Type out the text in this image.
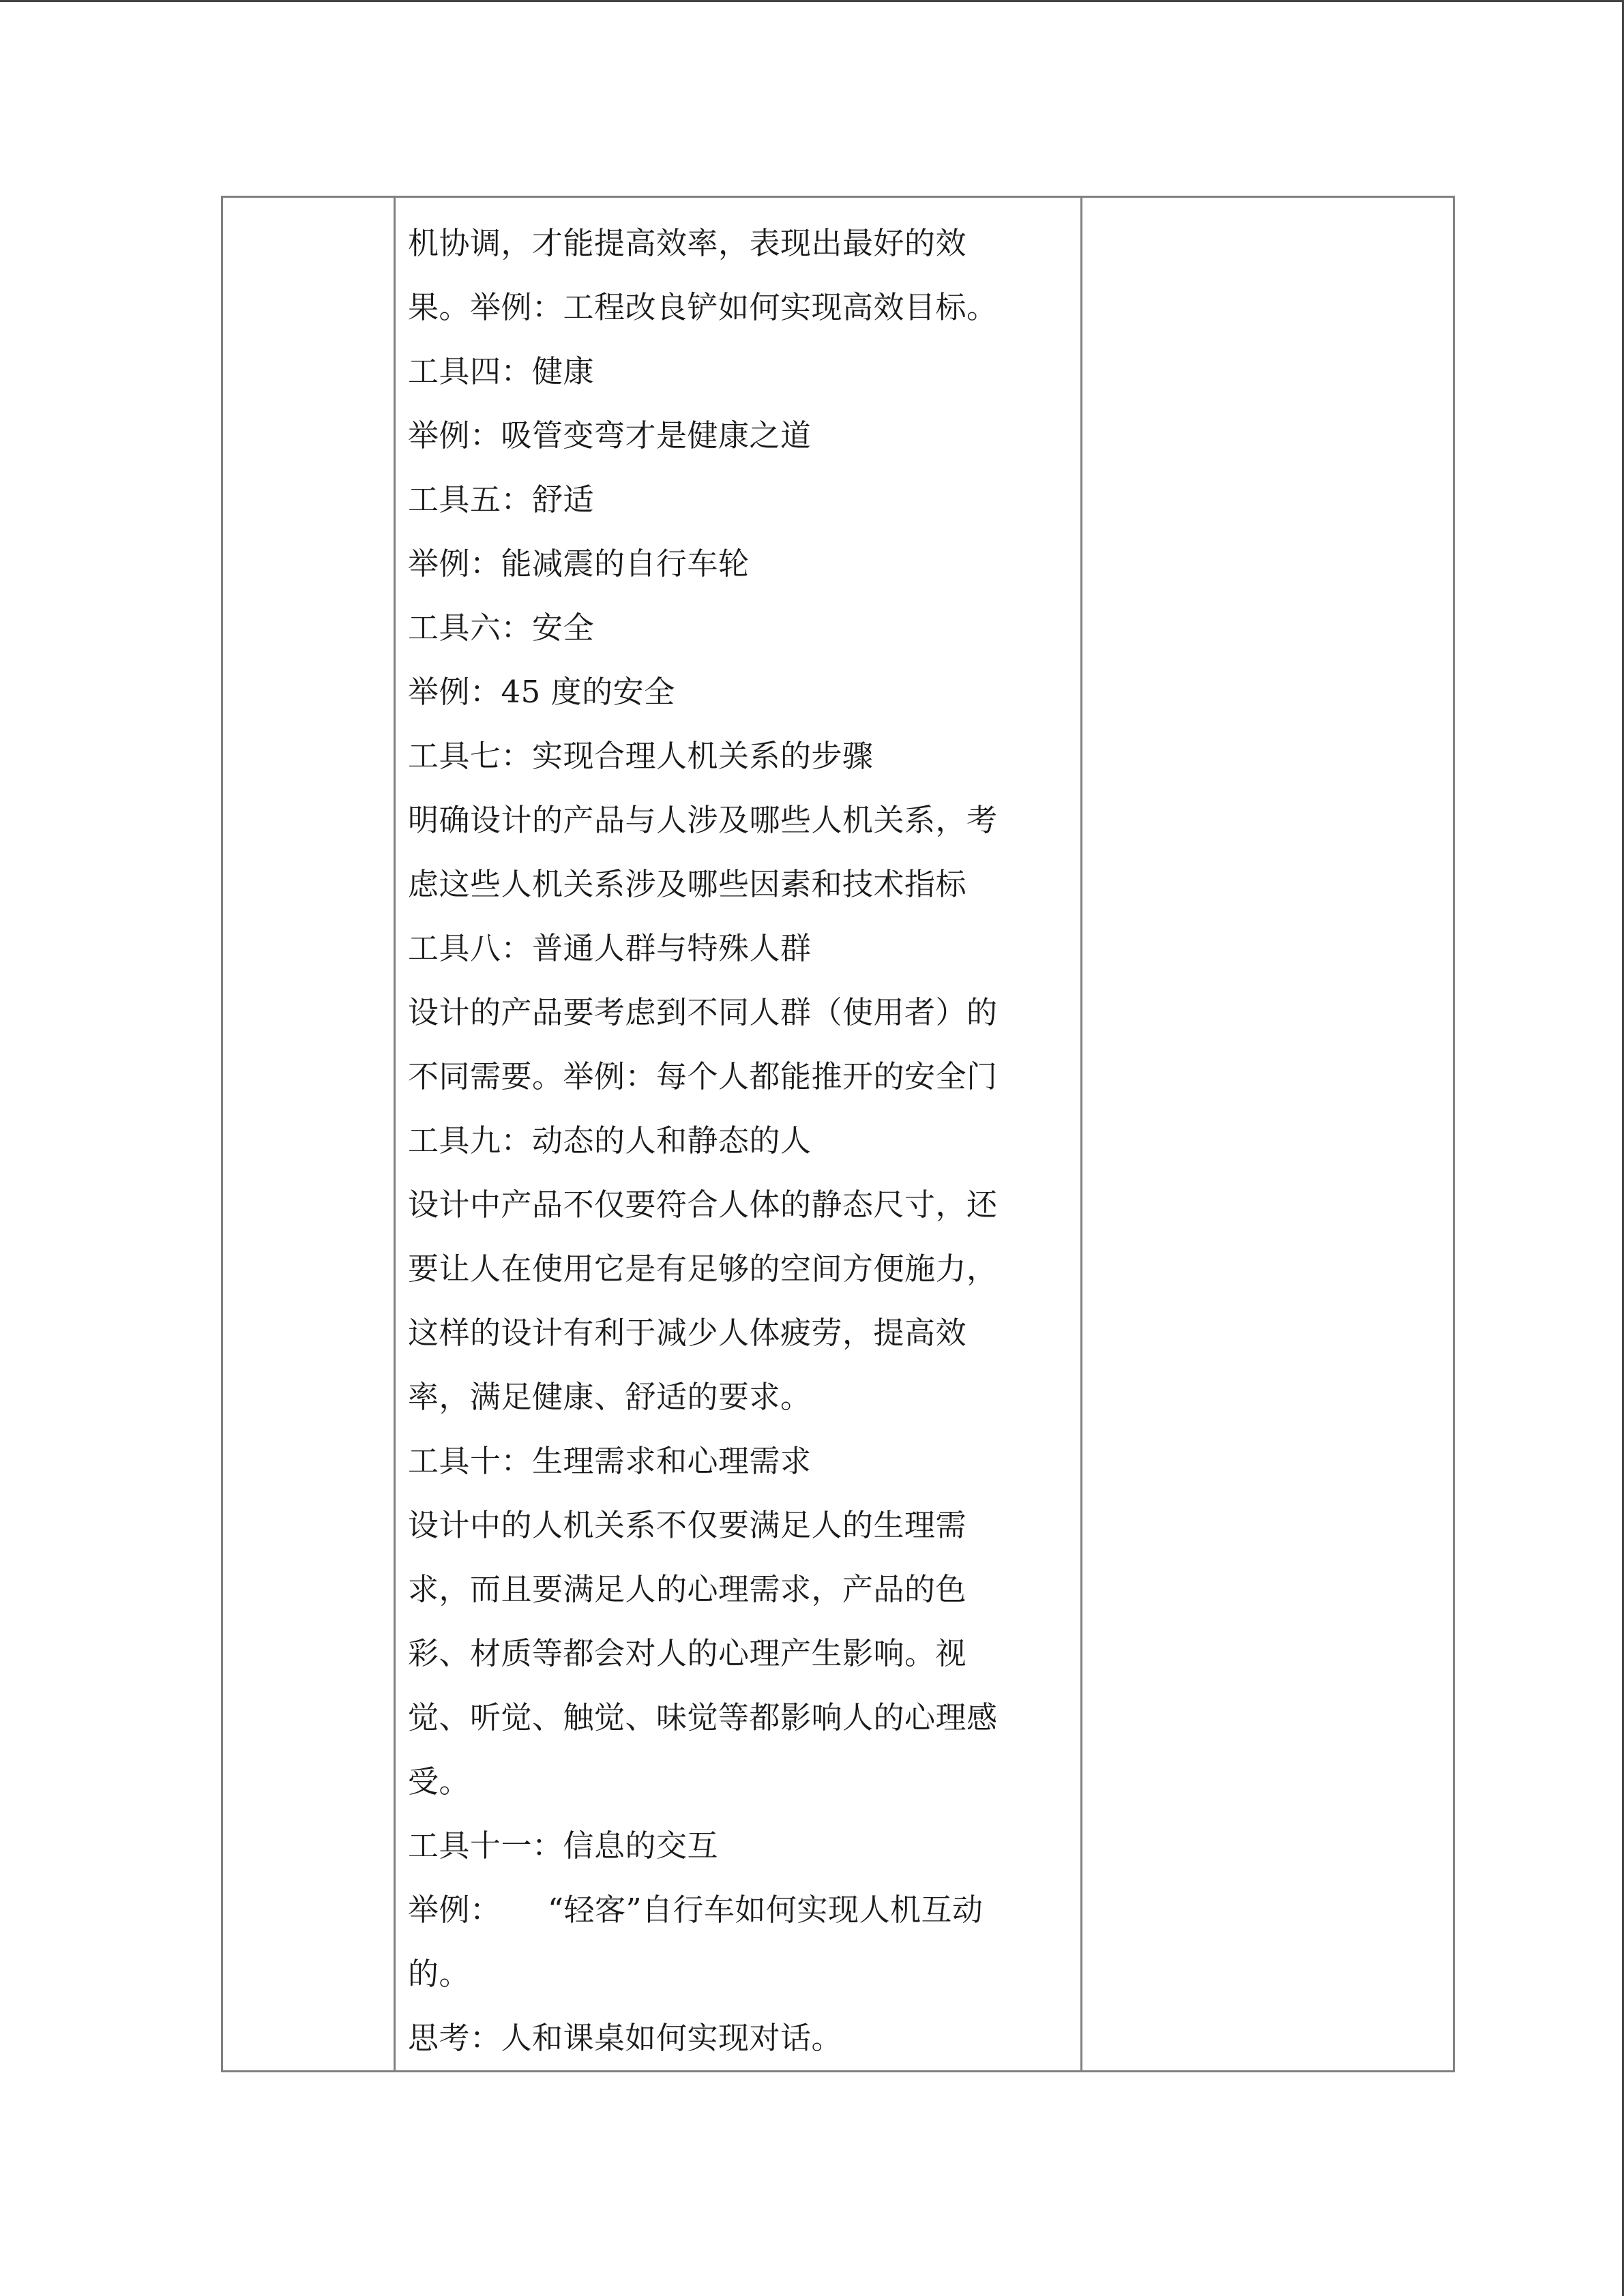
机协调，才能提高效率，表现出最好的效
果。举例：工程改良铲如何实现高效目标。
工具四：健康
举例：吸管变弯才是健康之道
工具五：舒适
举例：能减震的自行车轮
工具六：安全
举例：45 度的安全
工具七：实现合理人机关系的步骤
明确设计的产品与人涉及哪些人机关系，考
虑这些人机关系涉及哪些因素和技术指标
工具八：普通人群与特殊人群
设计的产品要考虑到不同人群（使用者）的
不同需要。举例：每个人都能推开的安全门
工具九：动态的人和静态的人
设计中产品不仅要符合人体的静态尺寸，还
要让人在使用它是有足够的空间方便施力，
这样的设计有利于减少人体疲劳，提高效
率，满足健康、舒适的要求。
工具十：生理需求和心理需求
设计中的人机关系不仅要满足人的生理需
求，而且要满足人的心理需求，产品的色
彩、材质等都会对人的心理产生影响。视
觉、听觉、触觉、味觉等都影响人的心理感
受。
工具十一：信息的交互
举例：　　“轻客”自行车如何实现人机互动
的。
思考：人和课桌如何实现对话。
